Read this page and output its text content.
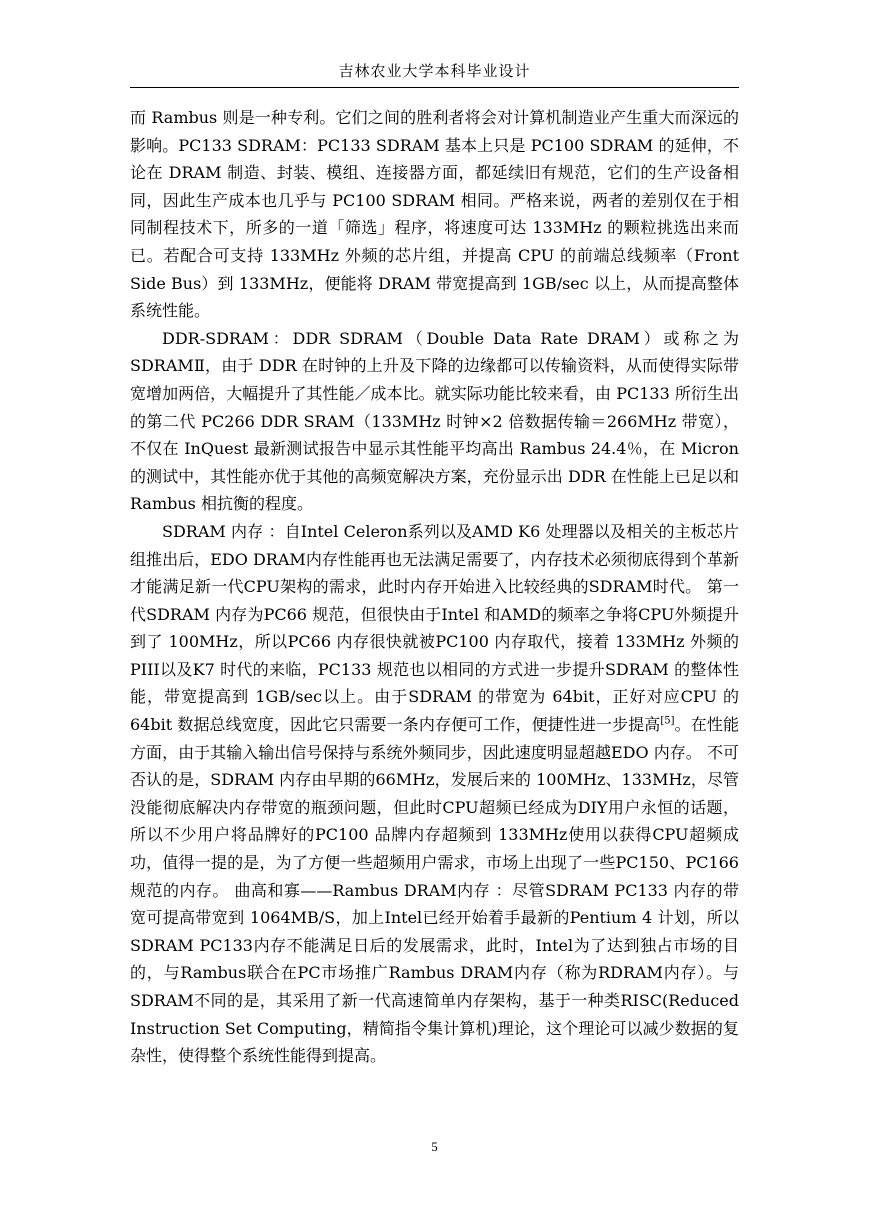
吉林农业大学本科毕业设计

而 Rambus 则是一种专利。它们之间的胜利者将会对计算机制造业产生重大而深远的影响。PC133 SDRAM：PC133 SDRAM 基本上只是 PC100 SDRAM 的延伸，不论在 DRAM 制造、封装、模组、连接器方面，都延续旧有规范，它们的生产设备相同，因此生产成本也几乎与 PC100 SDRAM 相同。严格来说，两者的差别仅在于相同制程技术下，所多的一道「筛选」程序，将速度可达 133MHz 的颗粒挑选出来而已。若配合可支持 133MHz 外频的芯片组，并提高 CPU 的前端总线频率（Front Side Bus）到 133MHz，便能将 DRAM 带宽提高到 1GB/sec 以上，从而提高整体系统性能。

DDR-SDRAM：DDR SDRAM（Double Data Rate DRAM）或称之为 SDRAMⅡ，由于 DDR 在时钟的上升及下降的边缘都可以传输资料，从而使得实际带宽增加两倍，大幅提升了其性能／成本比。就实际功能比较来看，由 PC133 所衍生出的第二代 PC266 DDR SRAM（133MHz 时钟×2 倍数据传输＝266MHz 带宽），不仅在 InQuest 最新测试报告中显示其性能平均高出 Rambus 24.4％，在 Micron 的测试中，其性能亦优于其他的高频宽解决方案，充份显示出 DDR 在性能上已足以和 Rambus 相抗衡的程度。

SDRAM 内存 ：自Intel Celeron系列以及AMD K6 处理器以及相关的主板芯片组推出后，EDO DRAM内存性能再也无法满足需要了，内存技术必须彻底得到个革新才能满足新一代CPU架构的需求，此时内存开始进入比较经典的SDRAM时代。 第一代SDRAM 内存为PC66 规范，但很快由于Intel 和AMD的频率之争将CPU外频提升到了 100MHz，所以PC66 内存很快就被PC100 内存取代，接着 133MHz 外频的PIII以及K7 时代的来临，PC133 规范也以相同的方式进一步提升SDRAM 的整体性能，带宽提高到 1GB/sec以上。由于SDRAM 的带宽为 64bit，正好对应CPU 的 64bit 数据总线宽度，因此它只需要一条内存便可工作，便捷性进一步提高[5]。在性能方面，由于其输入输出信号保持与系统外频同步，因此速度明显超越EDO 内存。 不可否认的是，SDRAM 内存由早期的66MHz，发展后来的 100MHz、133MHz，尽管没能彻底解决内存带宽的瓶颈问题，但此时CPU超频已经成为DIY用户永恒的话题，所以不少用户将品牌好的PC100 品牌内存超频到 133MHz使用以获得CPU超频成功，值得一提的是，为了方便一些超频用户需求，市场上出现了一些PC150、PC166 规范的内存。 曲高和寡——Rambus DRAM内存 ：尽管SDRAM PC133 内存的带宽可提高带宽到 1064MB/S，加上Intel已经开始着手最新的Pentium 4 计划，所以SDRAM PC133内存不能满足日后的发展需求，此时，Intel为了达到独占市场的目的，与Rambus联合在PC市场推广Rambus DRAM内存（称为RDRAM内存）。与SDRAM不同的是，其采用了新一代高速简单内存架构，基于一种类RISC(Reduced Instruction Set Computing，精简指令集计算机)理论，这个理论可以减少数据的复杂性，使得整个系统性能得到提高。

5
